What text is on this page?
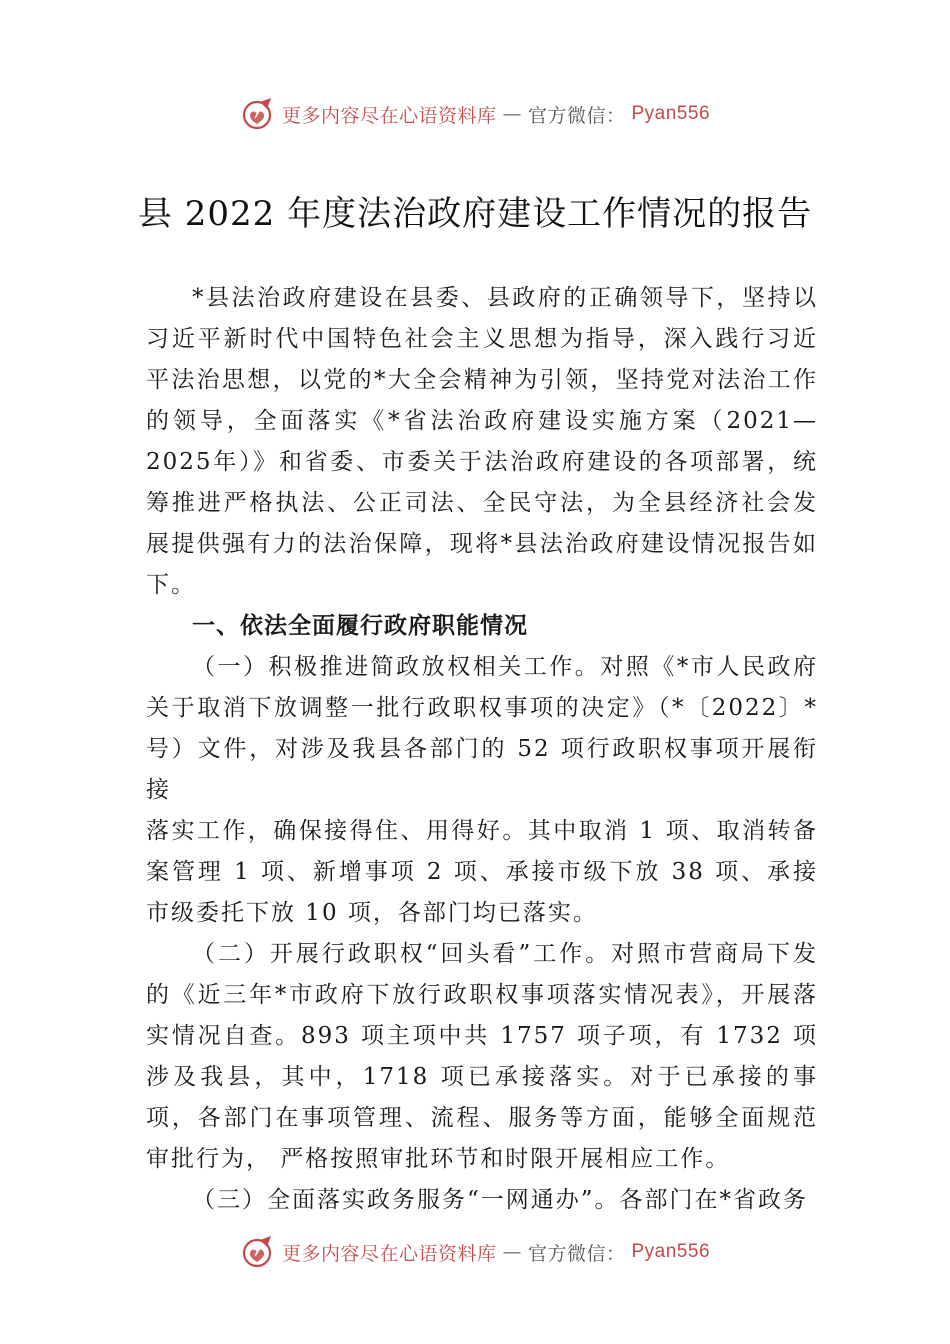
更多内容尽在心语资料库 — 官方微信： Pyan556
县 2022 年度法治政府建设工作情况的报告

*县法治政府建设在县委、县政府的正确领导下，坚持以习近平新时代中国特色社会主义思想为指导，深入践行习近平法治思想，以党的*大全会精神为引领，坚持党对法治工作的领导，全面落实《*省法治政府建设实施方案（2021—2025年）》和省委、市委关于法治政府建设的各项部署，统筹推进严格执法、公正司法、全民守法，为全县经济社会发展提供强有力的法治保障，现将*县法治政府建设情况报告如下。

一、依法全面履行政府职能情况

（一）积极推进简政放权相关工作。对照《*市人民政府关于取消下放调整一批行政职权事项的决定》（*〔2022〕*号）文件，对涉及我县各部门的 52 项行政职权事项开展衔接

落实工作，确保接得住、用得好。其中取消 1 项、取消转备案管理 1 项、新增事项 2 项、承接市级下放 38 项、承接市级委托下放 10 项，各部门均已落实。

（二）开展行政职权“回头看”工作。对照市营商局下发的《近三年*市政府下放行政职权事项落实情况表》，开展落实情况自查。893 项主项中共 1757 项子项，有 1732 项涉及我县，其中，1718 项已承接落实。对于已承接的事项，各部门在事项管理、流程、服务等方面，能够全面规范审批行为， 严格按照审批环节和时限开展相应工作。

（三）全面落实政务服务“一网通办”。各部门在*省政务

更多内容尽在心语资料库 — 官方微信： Pyan556
